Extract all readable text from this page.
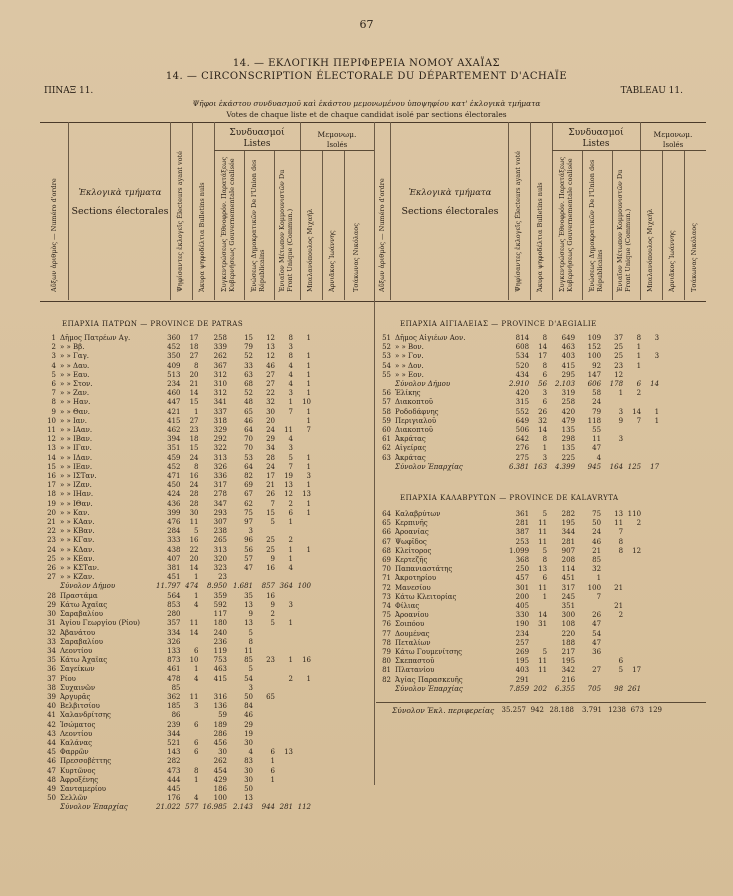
67
14. — ΕΚΛΟΓΙΚΗ ΠΕΡΙΦΕΡΕΙΑ ΝΟΜΟΥ ΑΧΑΪΑΣ
14. — CIRCONSCRIPTION ÉLECTORALE DU DÉPARTEMENT D'ACHAÏE
ΠΙΝΑΞ 11.	TABLEAU 11.
Ψῆφοι ἑκάστου συνδυασμοῦ καὶ ἑκάστου μεμονωμένου ὑποψηφίου κατ' ἐκλογικὰ τμήματα
Votes de chaque liste et de chaque candidat isolé par sections électorales
Αὔξων ἀριθμὸς — Numéro d'ordre	Ἐκλογικὰ τμήματα
Sections électorales Ψηφίσαντες ἐκλογεῖς Électeurs ayant voté Ἄκυρα ψηφοδέλτια Bulletins nuls
Συνδυασμοί
Listes
Συγκεντρώσεως Ἐθνοφρόν. Παρατάξεως Κυβερνήσεως Gouvernementale coalisée Ἑνώσεως Δημοκρατικῶν De l'Union des Républicains Ἑνιαῖον Μέτωπον Κομμουνιστῶν Du Front Unique (Commun.)
Μεμονωμ.
Isolés
Μπαλανόπουλος Μιχαήλ Ἀρνιᾶκος Ἰωάννης Τσάκωνας Νικόλαος	Αὔξων ἀριθμὸς — Numéro d'ordre	Ἐκλογικὰ τμήματα
Sections électorales	Ψηφίσαντες ἐκλογεῖς Électeurs ayant voté Ἄκυρα ψηφοδέλτια Bulletins nuls
Συνδυασμοί
Listes
Συγκεντρώσεως Ἐθνοφρόν. Παρατάξεως Κυβερνήσεως Gouvernementale coalisée Ἑνώσεως Δημοκρατικῶν De l'Union des Républicains Ἑνιαῖον Μέτωπον Κομμουνιστῶν Du Front Unique (Commun.)
Μεμονωμ.
Isolés
Μπαλανόπουλος Μιχαήλ Ἀρνιᾶκος Ἰωάννης Τσάκωνας Νικόλαος
ΕΠΑΡΧΙΑ ΠΑΤΡΩΝ — PROVINCE DE PATRAS	ΕΠΑΡΧΙΑ ΑΙΓΙΑΛΕΙΑΣ — PROVINCE D'AEGIALIE
ΕΠΑΡΧΙΑ ΚΑΛΑΒΡΥΤΩΝ — PROVINCE DE KALAVRYTA
1	Δῆμος Πατρέων Αγ.	360	17	258	15	12	8	1	
2	» » Ββ.	452	18	339	79	13	3		
3	» » Γαγ.	350	27	262	52	12	8	1	
4	» » Δαυ.	409	8	367	33	46	4	1	
5	» » Εαυ.	513	20	312	63	27	4	1	
6	» » Στον.	234	21	310	68	27	4	1	
7	» » Ζαν.	460	14	312	52	22	3	1	
8	» » Ηαν.	447	15	341	48	32	1	10	
9	» » Θαν.	421	1	337	65	30	7	1	
10	» » Ιαν.	415	27	318	46	20		1	
11	» » ΙΑαν.	462	23	329	64	24	11	7	
12	» » ΙΒαν.	394	18	292	70	29	4		
13	» » ΙΓαν.	351	15	322	70	34	3		
14	» » ΙΔαν.	459	24	313	53	28	5	1	
15	» » ΙΕαν.	452	8	326	64	24	7	1	
16	» » ΙΣΤαν.	471	16	336	82	17	19	3	
17	» » ΙΖαν.	450	24	317	69	21	13	1	
18	» » ΙΗαν.	424	28	278	67	26	12	13	
19	» » ΙΘαν.	436	28	347	62	7	2	1	
20	» » Καν.	399	30	293	75	15	6	1	
21	» » ΚΑαν.	476	11	307	97	5	1		
22	» » ΚΒαν.	284	5	238	3				
23	» » ΚΓαν.	333	16	265	96	25	2		
24	» » ΚΔαν.	438	22	313	56	25	1	1	
25	» » ΚΕαν.	407	20	320	57	9	1		
26	» » ΚΣΤαν.	381	14	323	47	16	4		
27	» » ΚΖαν.	451	1	23					
	Σύνολον Δήμου	11.797	474	8.950	1.681	857	364	100	
28	Πραστάμα	564	1	359	35	16			
29	Κάτω Ἀχαΐας	853	4	592	13	9	3		
30	Σαραβαλίου	280		117	9	2			
31	Ἁγίου Γεωργίου (Ρίου)	357	11	180	13	5	1		
32	Ἀβανάτου	334	14	240	5				
33	Σαραβαλίου	326		236	8				
34	Λεοντίου	133	6	119	11				
35	Κάτω Ἀχαΐας	873	10	753	85	23	1	16	
36	Σαγείκων	461	1	463	5				
37	Ρίου	478	4	415	54		2	1	
38	Συχαινῶν	85			3				
39	Ἀργυρᾶς	362	11	316	50	65			
40	Βελβιτσίου	185	3	136	84				
41	Χαλανδρίτσης	86		59	46				
42	Ἰσώματος	239	6	189	29				
43	Λεοντίου	344		286	19				
44	Καλάνας	521	6	456	30				
45	Φαρρῶν	143	6	30	4	6	13		
46	Πρεσσοβέττης	282		262	83	1			
47	Κυρτῶνος	473	8	454	30	6			
48	Ἀφροξένης	444	1	429	30	1			
49	Σανταμερίου	445		186	50				
50	Σελλῶν	176	4	100	13				
	Σύνολον Ἐπαρχίας	21.022	577	16.985	2.143	944	281	112	
51	Δῆμος Αἰγιέων Αον.	814	8	649	109	37	8	3	
52	» » Βον.	608	14	463	152	25	1		
53	» » Γον.	534	17	403	100	25	1	3	
54	» » Δον.	520	8	415	92	23	1		
55	» » Εον.	434	6	295	147	12			
	Σύνολον Δήμου	2.910	56	2.103	606	178	6	14	
56	Ἑλίκης	420	3	319	58	1	2		
57	Διακοπτοῦ	315	6	258	24				
58	Ροδοδάφνης	552	26	420	79	3	14	1	
59	Περιγιαλοῦ	649	32	479	118	9	7	1	
60	Διακοπτοῦ	506	14	135	55				
61	Ἀκράτας	642	8	298	11	3			
62	Αἰγείρας	276	1	135	47				
63	Ἀκράτας	275	3	225	4				
	Σύνολον Ἐπαρχίας	6.381	163	4.399	945	164	125	17	
64	Καλαβρύτων	361	5	282	75	13	110	
65	Κερπινῆς	281	11	195	50	11	2	
66	Ἀροανίας	387	11	344	24	7		
67	Ψωφῖδος	253	11	281	46	8		
68	Κλείτορος	1.099	5	907	21	8	12	
69	Κερτεζῆς	368	8	208	85			
70	Παπανιαστάτης	250	13	114	32			
71	Ἀκροτηρίου	457	6	451	1			
72	Μανεσίου	301	11	317	100	21		
73	Κάτω Κλειτορίας	200	1	245	7			
74	Φίλιας	405		351		21		
75	Ἀροανίου	330	14	300	26	2		
76	Σοιπόου	190	31	108	47			
77	Δουμένας	234		220	54			
78	Πεταλίων	257		188	47			
79	Κάτω Γουμενίτσης	269	5	217	36			
80	Σκεπαστοῦ	195	11	195		6		
81	Πλατανίου	403	11	342	27	5	17	
82	Ἁγίας Παρασκευῆς	291		216				
	Σύνολον Ἐπαρχίας	7.859	202	6.355	705	98	261	
Σύνολον Ἐκλ. περιφερείας 35.257 942 28.188 3.791 1238 673 129
